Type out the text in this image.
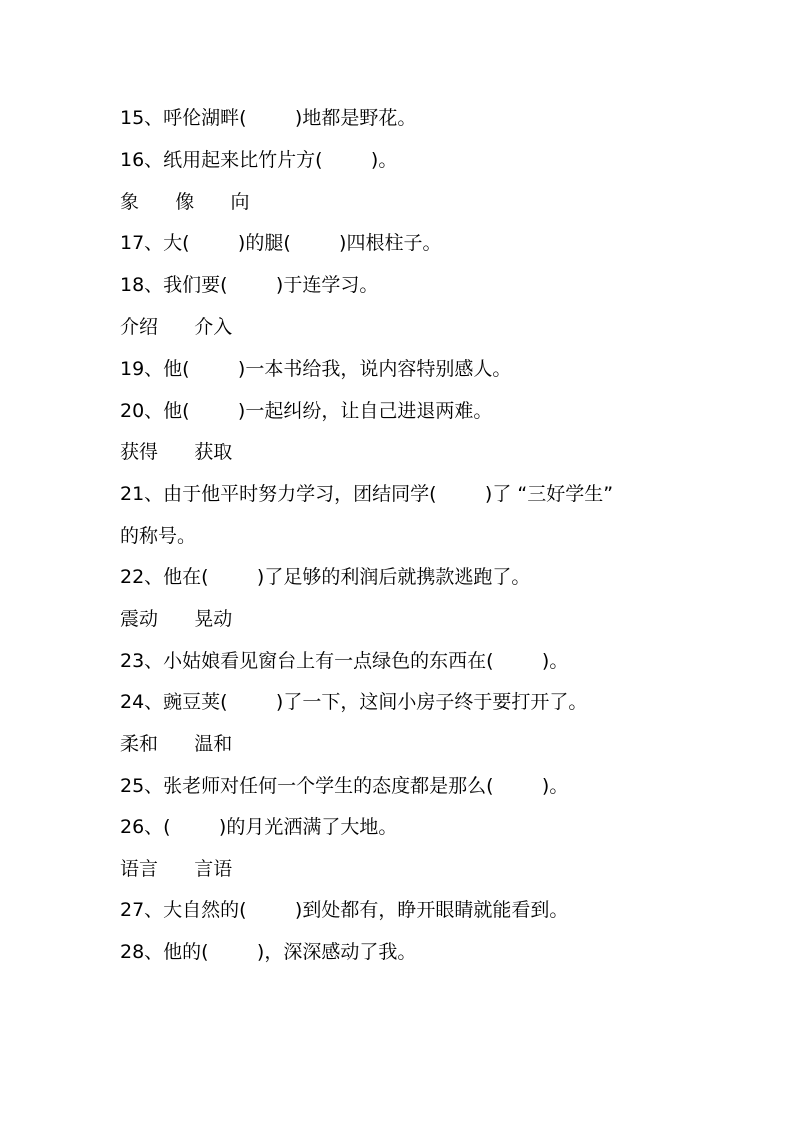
15、呼伦湖畔(        )地都是野花。
16、纸用起来比竹片方(        )。
象      像      向
17、大(        )的腿(        )四根柱子。
18、我们要(        )于连学习。
介绍      介入
19、他(        )一本书给我，说内容特别感人。
20、他(        )一起纠纷，让自己进退两难。
获得      获取
21、由于他平时努力学习，团结同学(        )了 “三好学生”
的称号。
22、他在(        )了足够的利润后就携款逃跑了。
震动      晃动
23、小姑娘看见窗台上有一点绿色的东西在(        )。
24、豌豆荚(        )了一下，这间小房子终于要打开了。
柔和      温和
25、张老师对任何一个学生的态度都是那么(        )。
26、(        )的月光洒满了大地。
语言      言语
27、大自然的(        )到处都有，睁开眼睛就能看到。
28、他的(        )，深深感动了我。
